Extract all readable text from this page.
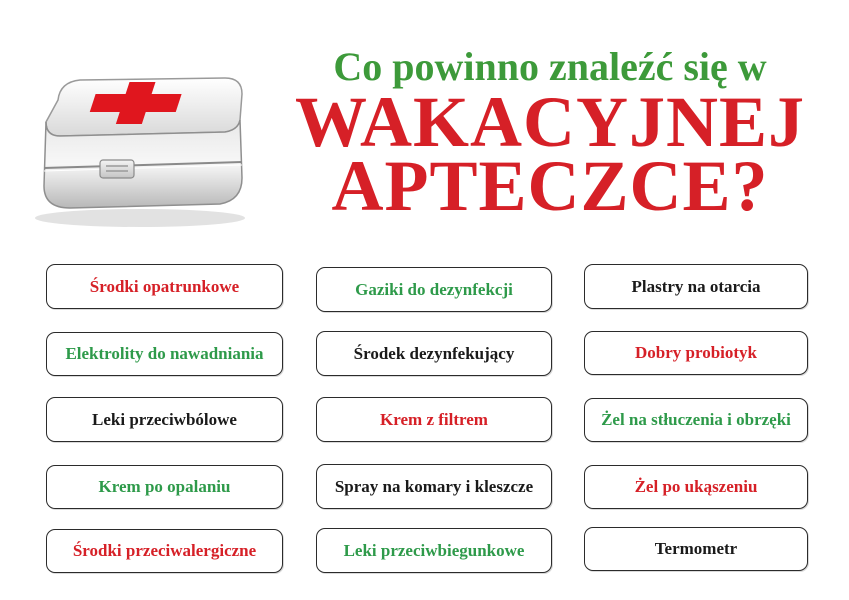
Co powinno znaleźć się w
WAKACYJNEJ
APTECZCE?
Środki opatrunkowe	Gaziki do dezynfekcji	Plastry na otarcia
Elektrolity do nawadniania	Środek dezynfekujący	Dobry probiotyk
Leki przeciwbólowe	Krem z filtrem	Żel na stłuczenia i obrzęki
Krem po opalaniu	Spray na komary i kleszcze	Żel po ukąszeniu
Środki przeciwalergiczne	Leki przeciwbiegunkowe	Termometr
